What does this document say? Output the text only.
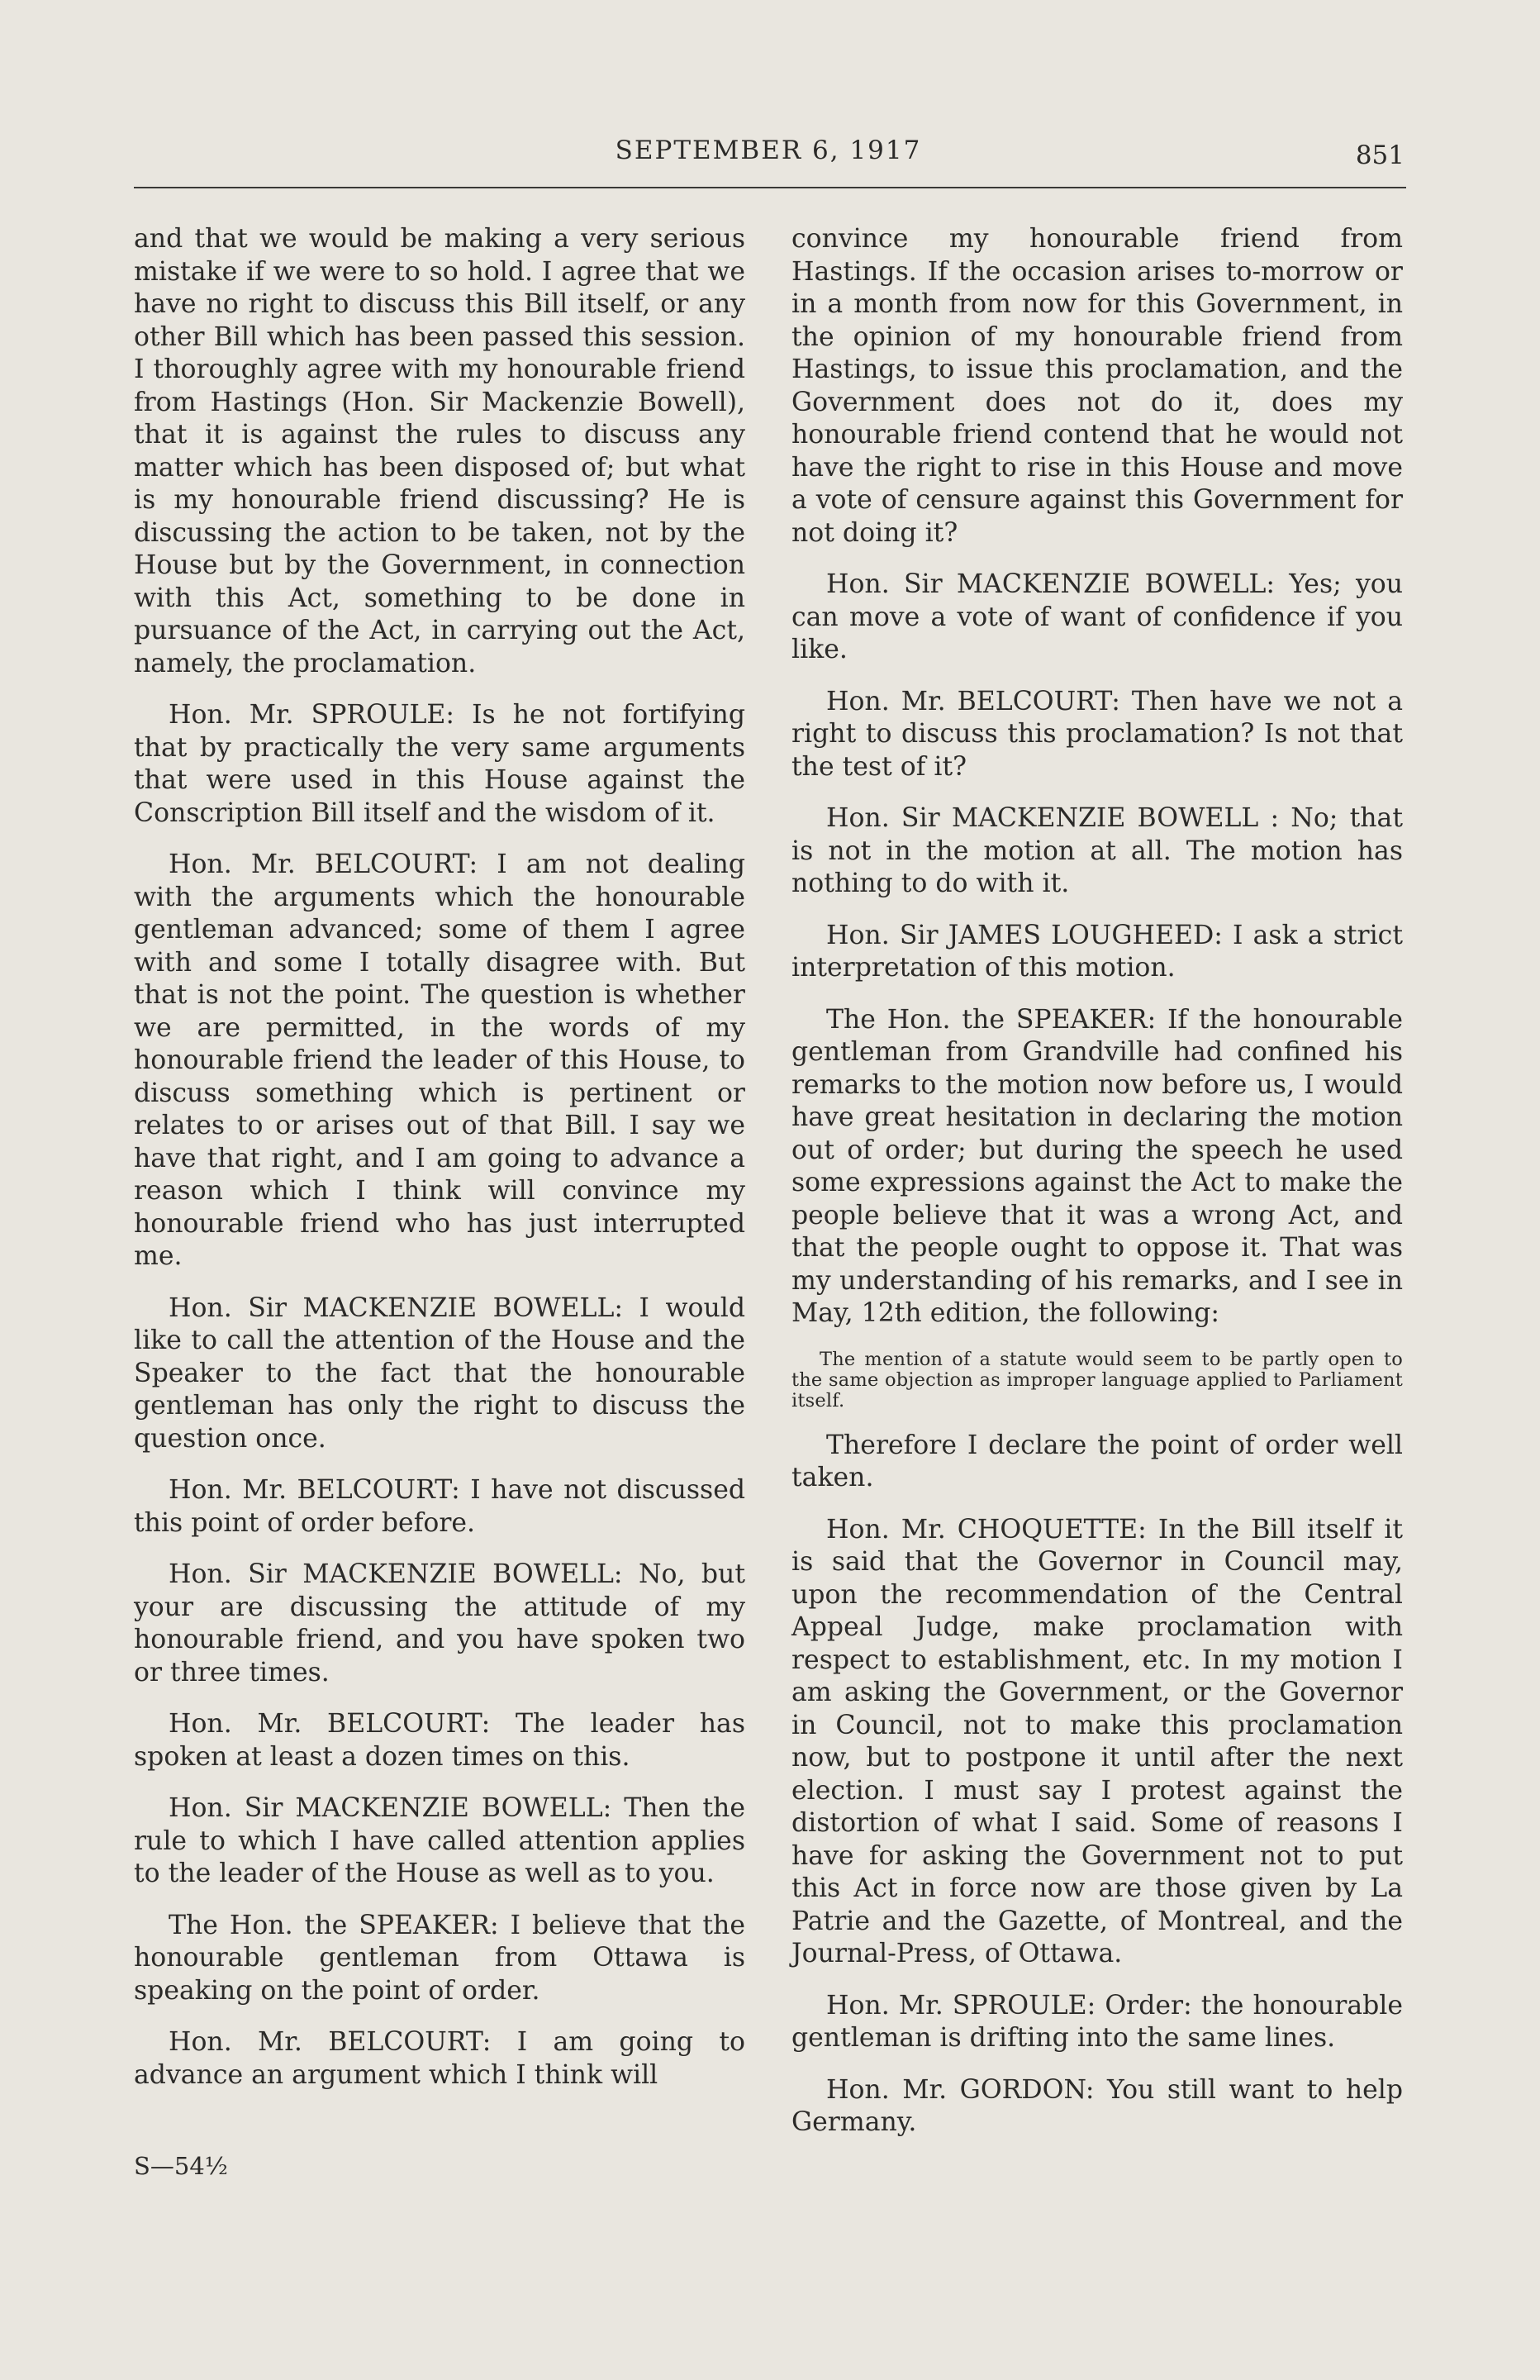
SEPTEMBER 6, 1917	851

and that we would be making a very serious mistake if we were to so hold. I agree that we have no right to discuss this Bill itself, or any other Bill which has been passed this session. I thoroughly agree with my honourable friend from Hastings (Hon. Sir Mackenzie Bowell), that it is against the rules to discuss any matter which has been disposed of; but what is my honourable friend discussing? He is discussing the action to be taken, not by the House but by the Government, in connection with this Act, something to be done in pursuance of the Act, in carrying out the Act, namely, the proclamation.

Hon. Mr. SPROULE: Is he not fortifying that by practically the very same arguments that were used in this House against the Conscription Bill itself and the wisdom of it.

Hon. Mr. BELCOURT: I am not dealing with the arguments which the honourable gentleman advanced; some of them I agree with and some I totally disagree with. But that is not the point. The question is whether we are permitted, in the words of my honourable friend the leader of this House, to discuss something which is pertinent or relates to or arises out of that Bill. I say we have that right, and I am going to advance a reason which I think will convince my honourable friend who has just interrupted me.

Hon. Sir MACKENZIE BOWELL: I would like to call the attention of the House and the Speaker to the fact that the honourable gentleman has only the right to discuss the question once.

Hon. Mr. BELCOURT: I have not discussed this point of order before.

Hon. Sir MACKENZIE BOWELL: No, but your are discussing the attitude of my honourable friend, and you have spoken two or three times.

Hon. Mr. BELCOURT: The leader has spoken at least a dozen times on this.

Hon. Sir MACKENZIE BOWELL: Then the rule to which I have called attention applies to the leader of the House as well as to you.

The Hon. the SPEAKER: I believe that the honourable gentleman from Ottawa is speaking on the point of order.

Hon. Mr. BELCOURT: I am going to advance an argument which I think will

convince my honourable friend from Hastings. If the occasion arises to-morrow or in a month from now for this Government, in the opinion of my honourable friend from Hastings, to issue this proclamation, and the Government does not do it, does my honourable friend contend that he would not have the right to rise in this House and move a vote of censure against this Government for not doing it?

Hon. Sir MACKENZIE BOWELL: Yes; you can move a vote of want of confidence if you like.

Hon. Mr. BELCOURT: Then have we not a right to discuss this proclamation? Is not that the test of it?

Hon. Sir MACKENZIE BOWELL : No; that is not in the motion at all. The motion has nothing to do with it.

Hon. Sir JAMES LOUGHEED: I ask a strict interpretation of this motion.

The Hon. the SPEAKER: If the honourable gentleman from Grandville had confined his remarks to the motion now before us, I would have great hesitation in declaring the motion out of order; but during the speech he used some expressions against the Act to make the people believe that it was a wrong Act, and that the people ought to oppose it. That was my understanding of his remarks, and I see in May, 12th edition, the following:

The mention of a statute would seem to be partly open to the same objection as improper language applied to Parliament itself.

Therefore I declare the point of order well taken.

Hon. Mr. CHOQUETTE: In the Bill itself it is said that the Governor in Council may, upon the recommendation of the Central Appeal Judge, make proclamation with respect to establishment, etc. In my motion I am asking the Government, or the Governor in Council, not to make this proclamation now, but to postpone it until after the next election. I must say I protest against the distortion of what I said. Some of reasons I have for asking the Government not to put this Act in force now are those given by La Patrie and the Gazette, of Montreal, and the Journal-Press, of Ottawa.

Hon. Mr. SPROULE: Order: the honourable gentleman is drifting into the same lines.

Hon. Mr. GORDON: You still want to help Germany.

S—54½
